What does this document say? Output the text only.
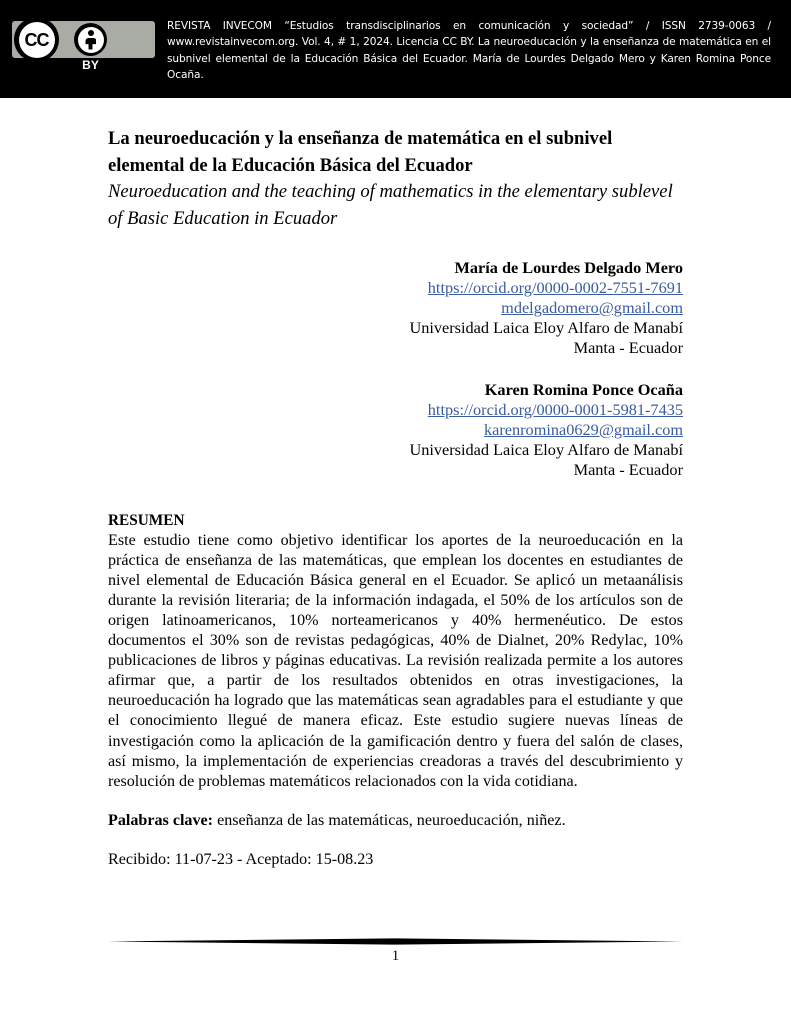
CC
BY
REVISTA INVECOM “Estudios transdisciplinarios en comunicación y sociedad” / ISSN 2739-0063 / www.revistainvecom.org. Vol. 4, # 1, 2024. Licencia CC BY. La neuroeducación y la enseñanza de matemática en el subnivel elemental de la Educación Básica del Ecuador. María de Lourdes Delgado Mero y Karen Romina Ponce Ocaña.
La neuroeducación y la enseñanza de matemática en el subnivel elemental de la Educación Básica del Ecuador
Neuroeducation and the teaching of mathematics in the elementary sublevel of Basic Education in Ecuador
María de Lourdes Delgado Mero
https://orcid.org/0000-0002-7551-7691
mdelgadomero@gmail.com
Universidad Laica Eloy Alfaro de Manabí
Manta - Ecuador
Karen Romina Ponce Ocaña
https://orcid.org/0000-0001-5981-7435
karenromina0629@gmail.com
Universidad Laica Eloy Alfaro de Manabí
Manta - Ecuador

RESUMEN

Este estudio tiene como objetivo identificar los aportes de la neuroeducación en la práctica de enseñanza de las matemáticas, que emplean los docentes en estudiantes de nivel elemental de Educación Básica general en el Ecuador. Se aplicó un metaanálisis durante la revisión literaria; de la información indagada, el 50% de los artículos son de origen latinoamericanos, 10% norteamericanos y 40% hermenéutico. De estos documentos el 30% son de revistas pedagógicas, 40% de Dialnet, 20% Redylac, 10% publicaciones de libros y páginas educativas. La revisión realizada permite a los autores afirmar que, a partir de los resultados obtenidos en otras investigaciones, la neuroeducación ha logrado que las matemáticas sean agradables para el estudiante y que el conocimiento llegué de manera eficaz. Este estudio sugiere nuevas líneas de investigación como la aplicación de la gamificación dentro y fuera del salón de clases, así mismo, la implementación de experiencias creadoras a través del descubrimiento y resolución de problemas matemáticos relacionados con la vida cotidiana.

Palabras clave: enseñanza de las matemáticas, neuroeducación, niñez.

Recibido: 11-07-23 - Aceptado: 15-08.23

1
